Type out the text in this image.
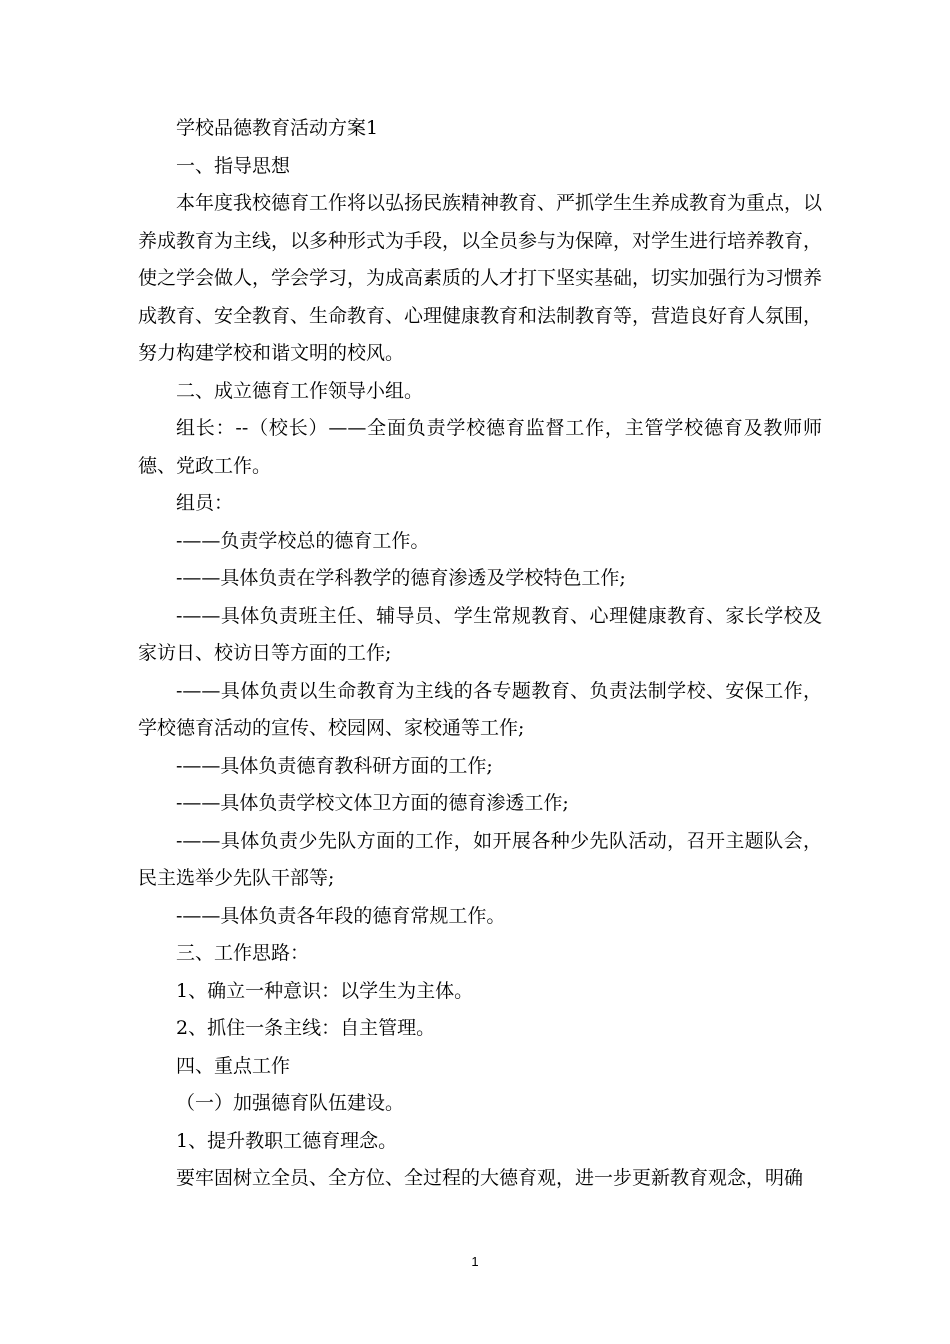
学校品德教育活动方案1

一、指导思想

本年度我校德育工作将以弘扬民族精神教育、严抓学生生养成教育为重点，以养成教育为主线，以多种形式为手段，以全员参与为保障，对学生进行培养教育，使之学会做人，学会学习，为成高素质的人才打下坚实基础，切实加强行为习惯养成教育、安全教育、生命教育、心理健康教育和法制教育等，营造良好育人氛围，努力构建学校和谐文明的校风。

二、成立德育工作领导小组。

组长：--（校长）——全面负责学校德育监督工作，主管学校德育及教师师德、党政工作。

组员：

-——负责学校总的德育工作。

-——具体负责在学科教学的德育渗透及学校特色工作;

-——具体负责班主任、辅导员、学生常规教育、心理健康教育、家长学校及家访日、校访日等方面的工作;

-——具体负责以生命教育为主线的各专题教育、负责法制学校、安保工作，学校德育活动的宣传、校园网、家校通等工作;

-——具体负责德育教科研方面的工作;

-——具体负责学校文体卫方面的德育渗透工作;

-——具体负责少先队方面的工作，如开展各种少先队活动，召开主题队会，民主选举少先队干部等;

-——具体负责各年段的德育常规工作。

三、工作思路：

1、确立一种意识：以学生为主体。

2、抓住一条主线：自主管理。

四、重点工作

（一）加强德育队伍建设。

1、提升教职工德育理念。

要牢固树立全员、全方位、全过程的大德育观，进一步更新教育观念，明确

1
